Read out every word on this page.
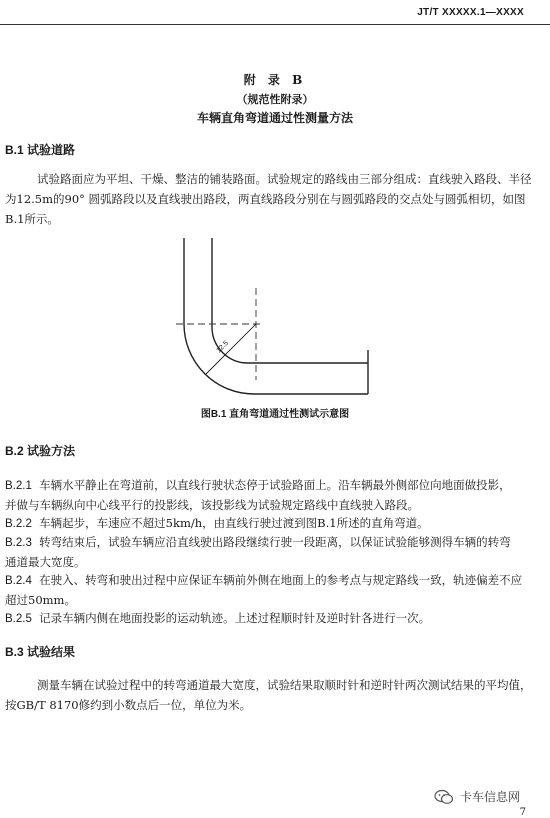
JT/T XXXXX.1—XXXX
附 录 B
（规范性附录）
车辆直角弯道通过性测量方法
B.1 试验道路
试验路面应为平坦、干燥、整洁的铺装路面。试验规定的路线由三部分组成：直线驶入路段、半径
为12.5m的90° 圆弧路段以及直线驶出路段，两直线路段分别在与圆弧路段的交点处与圆弧相切，如图
B.1所示。
12.5
图B.1 直角弯道通过性测试示意图
B.2 试验方法
B.2.1 车辆水平静止在弯道前，以直线行驶状态停于试验路面上。沿车辆最外侧部位向地面做投影，
并做与车辆纵向中心线平行的投影线，该投影线为试验规定路线中直线驶入路段。
B.2.2 车辆起步，车速应不超过5km/h，由直线行驶过渡到图B.1所述的直角弯道。
B.2.3 转弯结束后，试验车辆应沿直线驶出路段继续行驶一段距离，以保证试验能够测得车辆的转弯
通道最大宽度。
B.2.4 在驶入、转弯和驶出过程中应保证车辆前外侧在地面上的参考点与规定路线一致，轨迹偏差不应
超过50mm。
B.2.5 记录车辆内侧在地面投影的运动轨迹。上述过程顺时针及逆时针各进行一次。
B.3 试验结果
测量车辆在试验过程中的转弯通道最大宽度，试验结果取顺时针和逆时针两次测试结果的平均值，
按GB/T 8170修约到小数点后一位，单位为米。
卡车信息网
7
